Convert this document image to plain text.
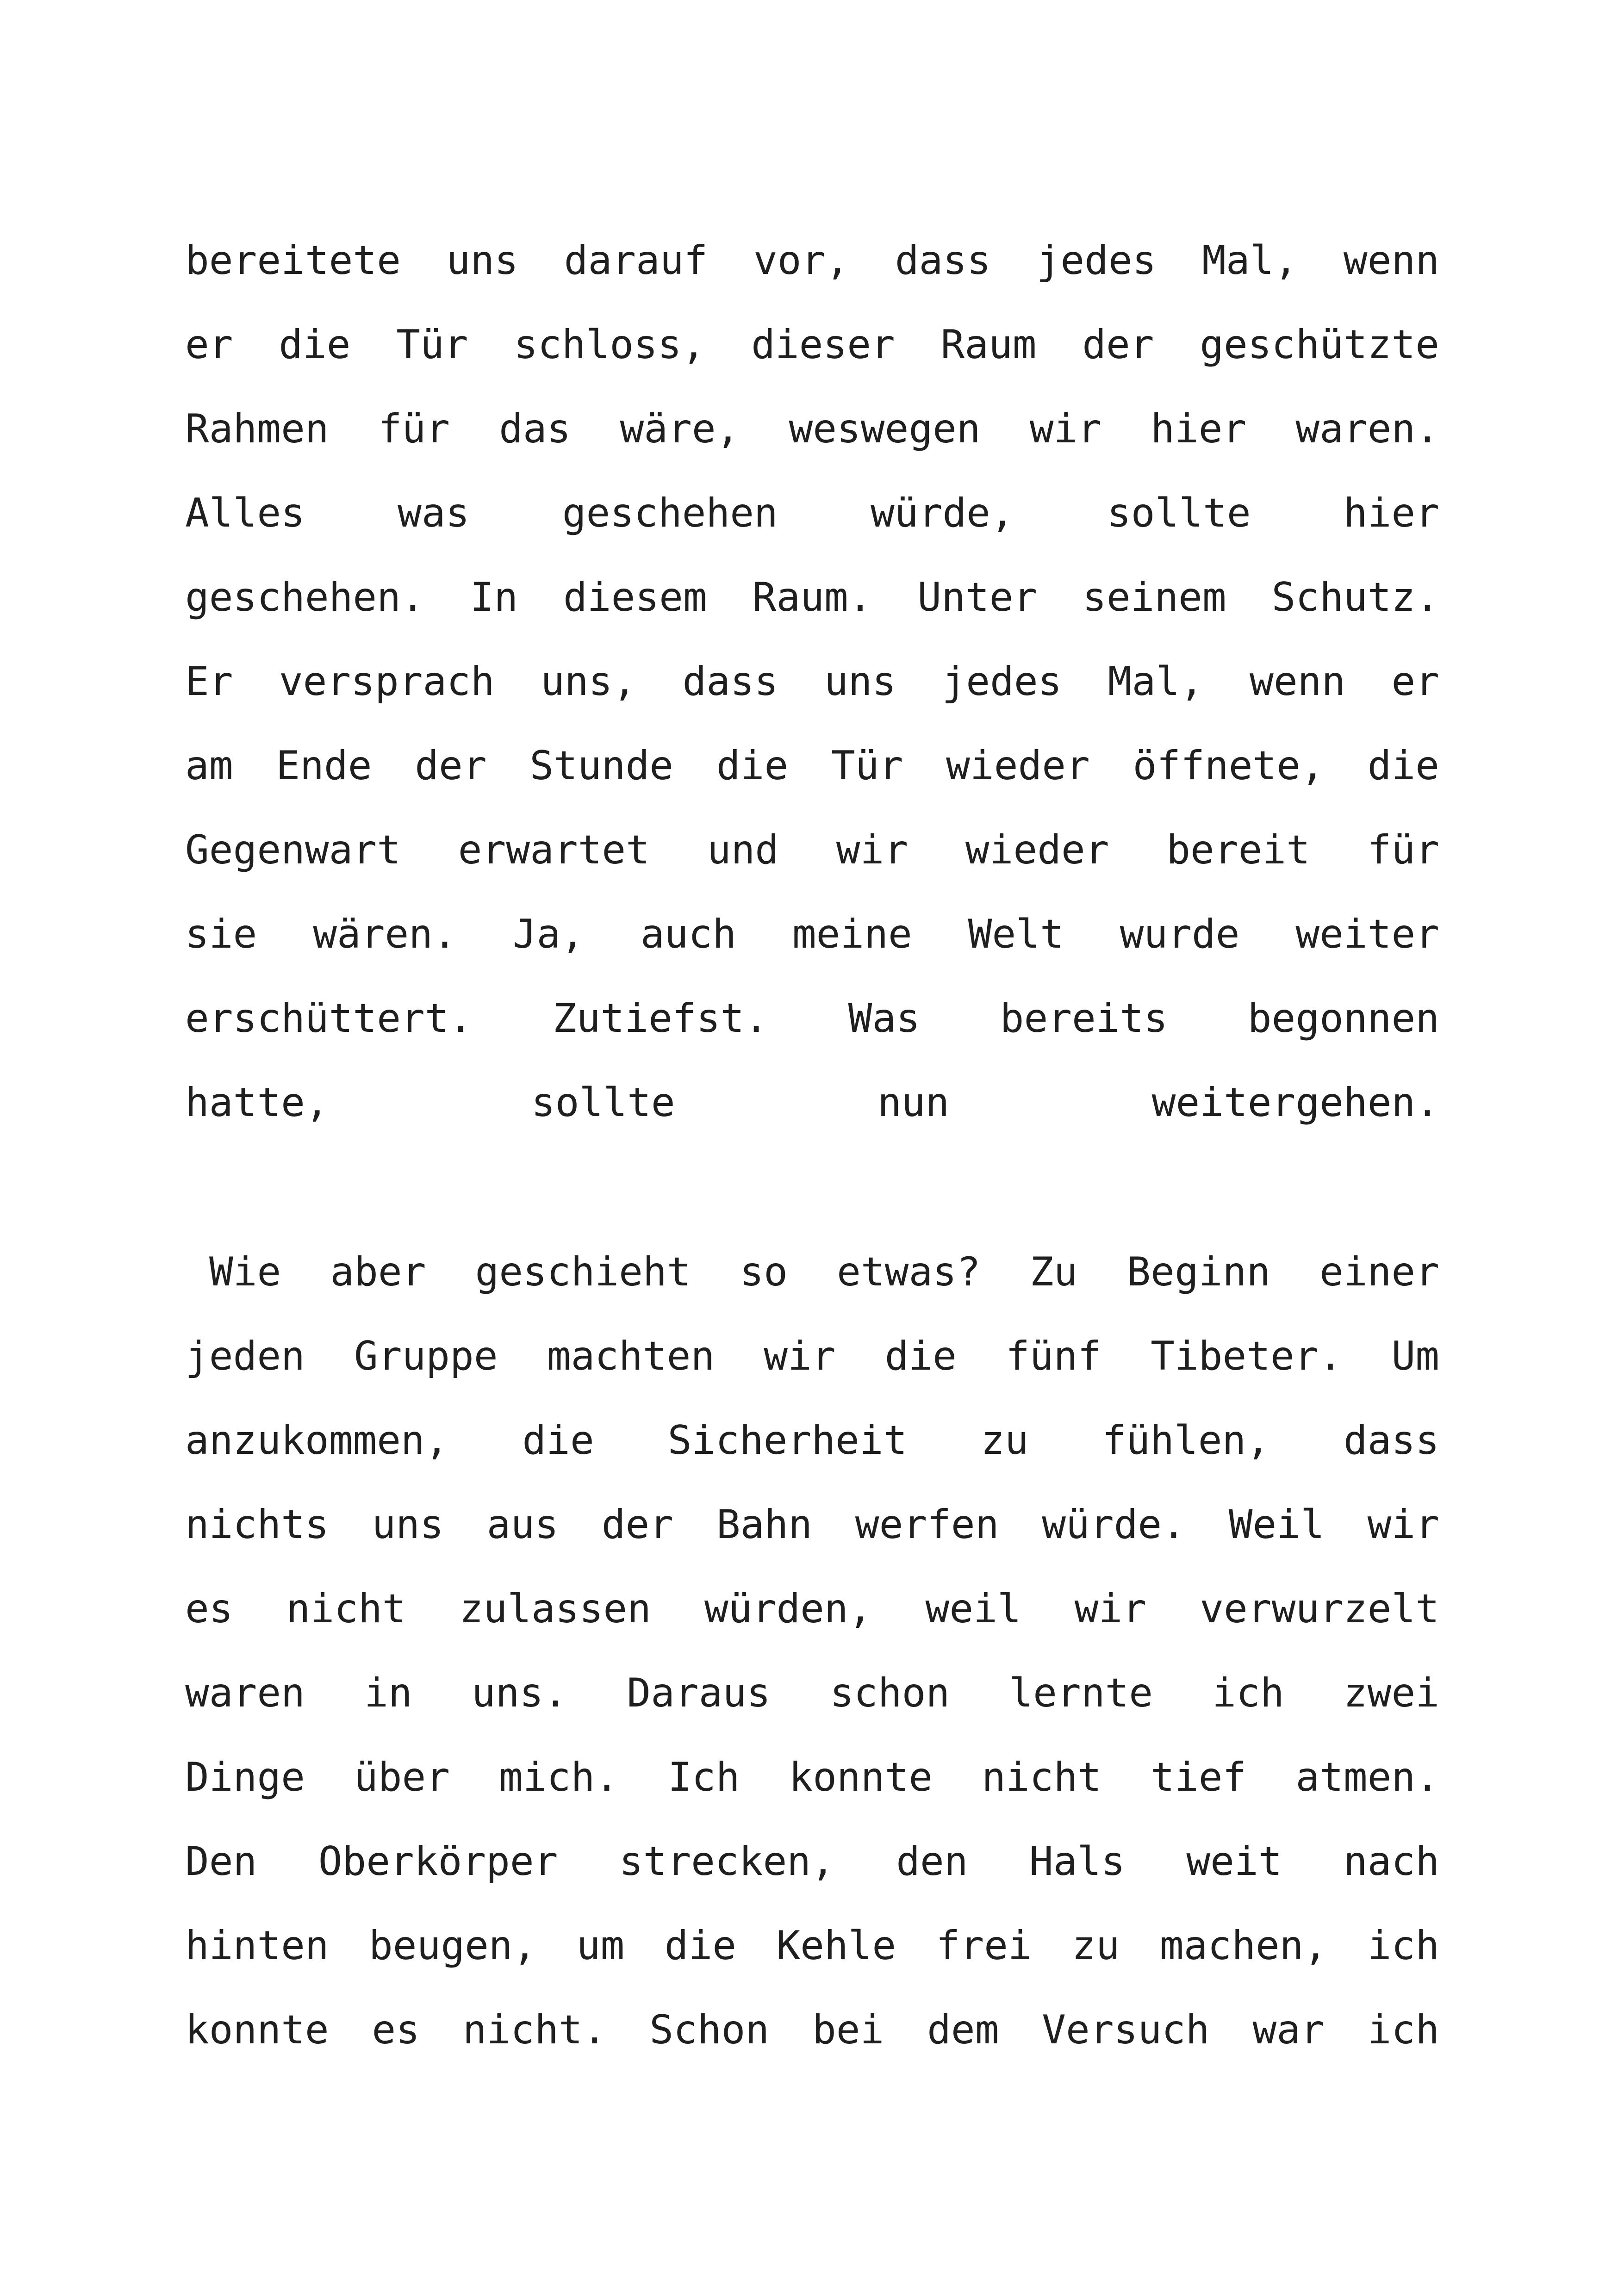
bereitete uns darauf vor, dass jedes Mal, wenn
er die Tür schloss, dieser Raum der geschützte
Rahmen für das wäre, weswegen wir hier waren.
Alles was geschehen würde, sollte hier
geschehen. In diesem Raum. Unter seinem Schutz.
Er versprach uns, dass uns jedes Mal, wenn er
am Ende der Stunde die Tür wieder öffnete, die
Gegenwart erwartet und wir wieder bereit für
sie wären. Ja, auch meine Welt wurde weiter
erschüttert. Zutiefst. Was bereits begonnen
hatte, sollte nun weitergehen.
Wie aber geschieht so etwas? Zu Beginn einer
jeden Gruppe machten wir die fünf Tibeter. Um
anzukommen, die Sicherheit zu fühlen, dass
nichts uns aus der Bahn werfen würde. Weil wir
es nicht zulassen würden, weil wir verwurzelt
waren in uns. Daraus schon lernte ich zwei
Dinge über mich. Ich konnte nicht tief atmen.
Den Oberkörper strecken, den Hals weit nach
hinten beugen, um die Kehle frei zu machen, ich
konnte es nicht. Schon bei dem Versuch war ich
